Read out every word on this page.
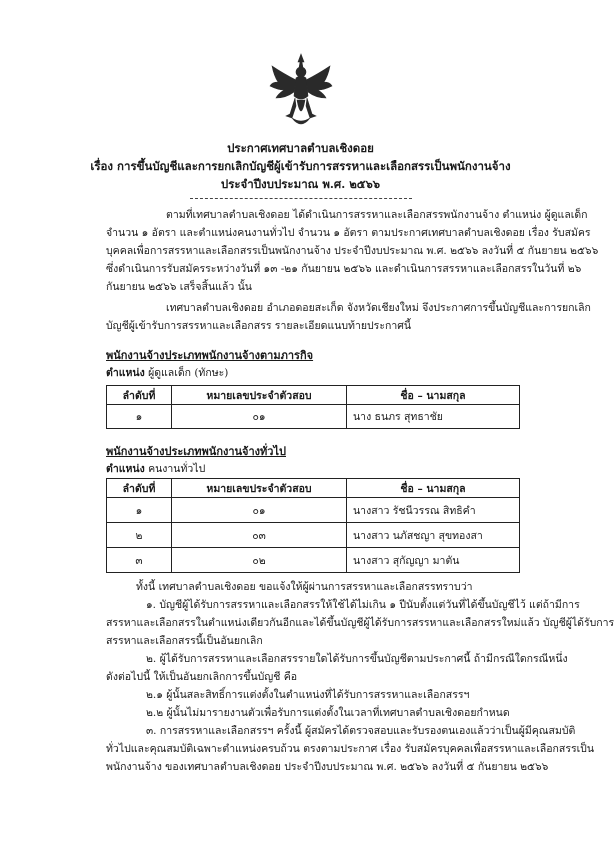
ประกาศเทศบาลตำบลเชิงดอย
เรื่อง การขึ้นบัญชีและการยกเลิกบัญชีผู้เข้ารับการสรรหาและเลือกสรรเป็นพนักงานจ้าง
ประจำปีงบประมาณ พ.ศ. ๒๕๖๖
ตามที่เทศบาลตำบลเชิงดอย ได้ดำเนินการสรรหาและเลือกสรรพนักงานจ้าง ตำแหน่ง ผู้ดูแลเด็ก
จำนวน ๑ อัตรา และตำแหน่งคนงานทั่วไป จำนวน ๑ อัตรา ตามประกาศเทศบาลตำบลเชิงดอย เรื่อง รับสมัคร
บุคคลเพื่อการสรรหาและเลือกสรรเป็นพนักงานจ้าง ประจำปีงบประมาณ พ.ศ. ๒๕๖๖ ลงวันที่ ๕ กันยายน ๒๕๖๖
ซึ่งดำเนินการรับสมัครระหว่างวันที่ ๑๓ -๒๑ กันยายน ๒๕๖๖ และดำเนินการสรรหาและเลือกสรรในวันที่ ๒๖
กันยายน ๒๕๖๖ เสร็จสิ้นแล้ว นั้น
เทศบาลตำบลเชิงดอย อำเภอดอยสะเก็ด จังหวัดเชียงใหม่ จึงประกาศการขึ้นบัญชีและการยกเลิก
บัญชีผู้เข้ารับการสรรหาและเลือกสรร รายละเอียดแนบท้ายประกาศนี้
พนักงานจ้างประเภทพนักงานจ้างตามภารกิจ
ตำแหน่ง ผู้ดูแลเด็ก (ทักษะ)
ลำดับที่	หมายเลขประจำตัวสอบ	ชื่อ – นามสกุล
๑	๐๑	นาง ธนภร สุทธาชัย
พนักงานจ้างประเภทพนักงานจ้างทั่วไป
ตำแหน่ง คนงานทั่วไป
ลำดับที่	หมายเลขประจำตัวสอบ	ชื่อ – นามสกุล
๑	๐๑	นางสาว รัชนีวรรณ สิทธิคำ
๒	๐๓	นางสาว นภัสชญา สุขทองสา
๓	๐๒	นางสาว สุกัญญา มาตัน
ทั้งนี้ เทศบาลตำบลเชิงดอย ขอแจ้งให้ผู้ผ่านการสรรหาและเลือกสรรทราบว่า
๑. บัญชีผู้ได้รับการสรรหาและเลือกสรรให้ใช้ได้ไม่เกิน ๑ ปีนับตั้งแต่วันที่ได้ขึ้นบัญชีไว้ แต่ถ้ามีการ
สรรหาและเลือกสรรในตำแหน่งเดียวกันอีกและได้ขึ้นบัญชีผู้ได้รับการสรรหาและเลือกสรรใหม่แล้ว บัญชีผู้ได้รับการ
สรรหาและเลือกสรรนี้เป็นอันยกเลิก
๒. ผู้ได้รับการสรรหาและเลือกสรรรายใดได้รับการขึ้นบัญชีตามประกาศนี้ ถ้ามีกรณีใดกรณีหนึ่ง
ดังต่อไปนี้ ให้เป็นอันยกเลิกการขึ้นบัญชี คือ
๒.๑ ผู้นั้นสละสิทธิ์การแต่งตั้งในตำแหน่งที่ได้รับการสรรหาและเลือกสรรฯ
๒.๒ ผู้นั้นไม่มารายงานตัวเพื่อรับการแต่งตั้งในเวลาที่เทศบาลตำบลเชิงดอยกำหนด
๓. การสรรหาและเลือกสรรฯ ครั้งนี้ ผู้สมัครได้ตรวจสอบและรับรองตนเองแล้วว่าเป็นผู้มีคุณสมบัติ
ทั่วไปและคุณสมบัติเฉพาะตำแหน่งครบถ้วน ตรงตามประกาศ เรื่อง รับสมัครบุคคลเพื่อสรรหาและเลือกสรรเป็น
พนักงานจ้าง ของเทศบาลตำบลเชิงดอย ประจำปีงบประมาณ พ.ศ. ๒๕๖๖ ลงวันที่ ๕ กันยายน ๒๕๖๖
